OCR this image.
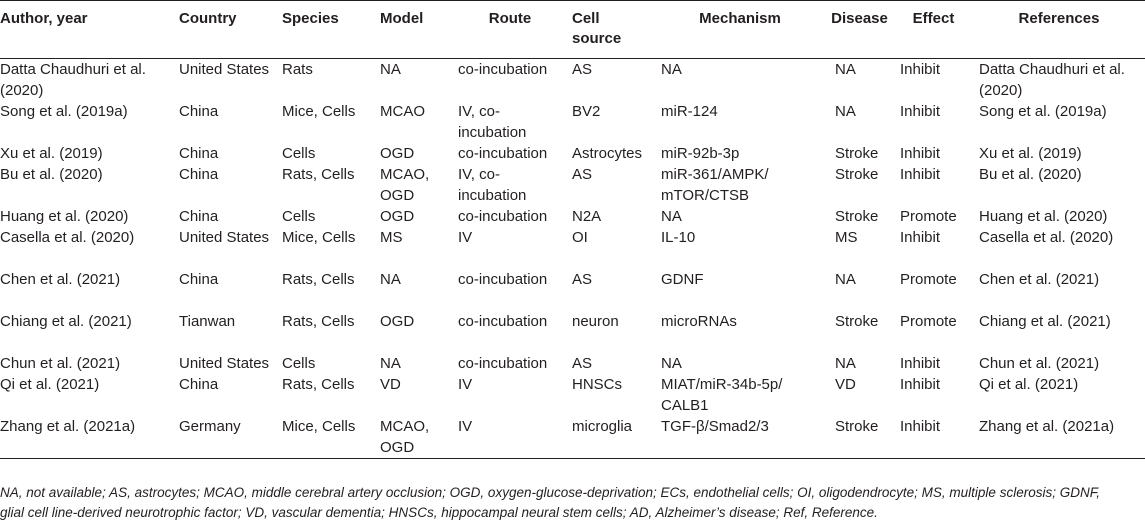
Author, year	Country	Species	Model	Route	Cell source	Mechanism	Disease	Effect	References
Datta Chaudhuri et al. (2020)	United States	Rats	NA	co-incubation	AS	NA	NA	Inhibit	Datta Chaudhuri et al. (2020)
Song et al. (2019a)	China	Mice, Cells	MCAO	IV, co-incubation	BV2	miR-124	NA	Inhibit	Song et al. (2019a)
Xu et al. (2019)	China	Cells	OGD	co-incubation	Astrocytes	miR-92b-3p	Stroke	Inhibit	Xu et al. (2019)
Bu et al. (2020)	China	Rats, Cells	MCAO, OGD	IV, co-incubation	AS	miR-361/AMPK/ mTOR/CTSB	Stroke	Inhibit	Bu et al. (2020)
Huang et al. (2020)	China	Cells	OGD	co-incubation	N2A	NA	Stroke	Promote	Huang et al. (2020)
Casella et al. (2020)	United States	Mice, Cells	MS	IV	OI	IL-10	MS	Inhibit	Casella et al. (2020)
Chen et al. (2021)	China	Rats, Cells	NA	co-incubation	AS	GDNF	NA	Promote	Chen et al. (2021)
Chiang et al. (2021)	Tianwan	Rats, Cells	OGD	co-incubation	neuron	microRNAs	Stroke	Promote	Chiang et al. (2021)
Chun et al. (2021)	United States	Cells	NA	co-incubation	AS	NA	NA	Inhibit	Chun et al. (2021)
Qi et al. (2021)	China	Rats, Cells	VD	IV	HNSCs	MIAT/miR-34b-5p/ CALB1	VD	Inhibit	Qi et al. (2021)
Zhang et al. (2021a)	Germany	Mice, Cells	MCAO, OGD	IV	microglia	TGF-β/Smad2/3	Stroke	Inhibit	Zhang et al. (2021a)
NA, not available; AS, astrocytes; MCAO, middle cerebral artery occlusion; OGD, oxygen-glucose-deprivation; ECs, endothelial cells; OI, oligodendrocyte; MS, multiple sclerosis; GDNF,
glial cell line-derived neurotrophic factor; VD, vascular dementia; HNSCs, hippocampal neural stem cells; AD, Alzheimer’s disease; Ref, Reference.
